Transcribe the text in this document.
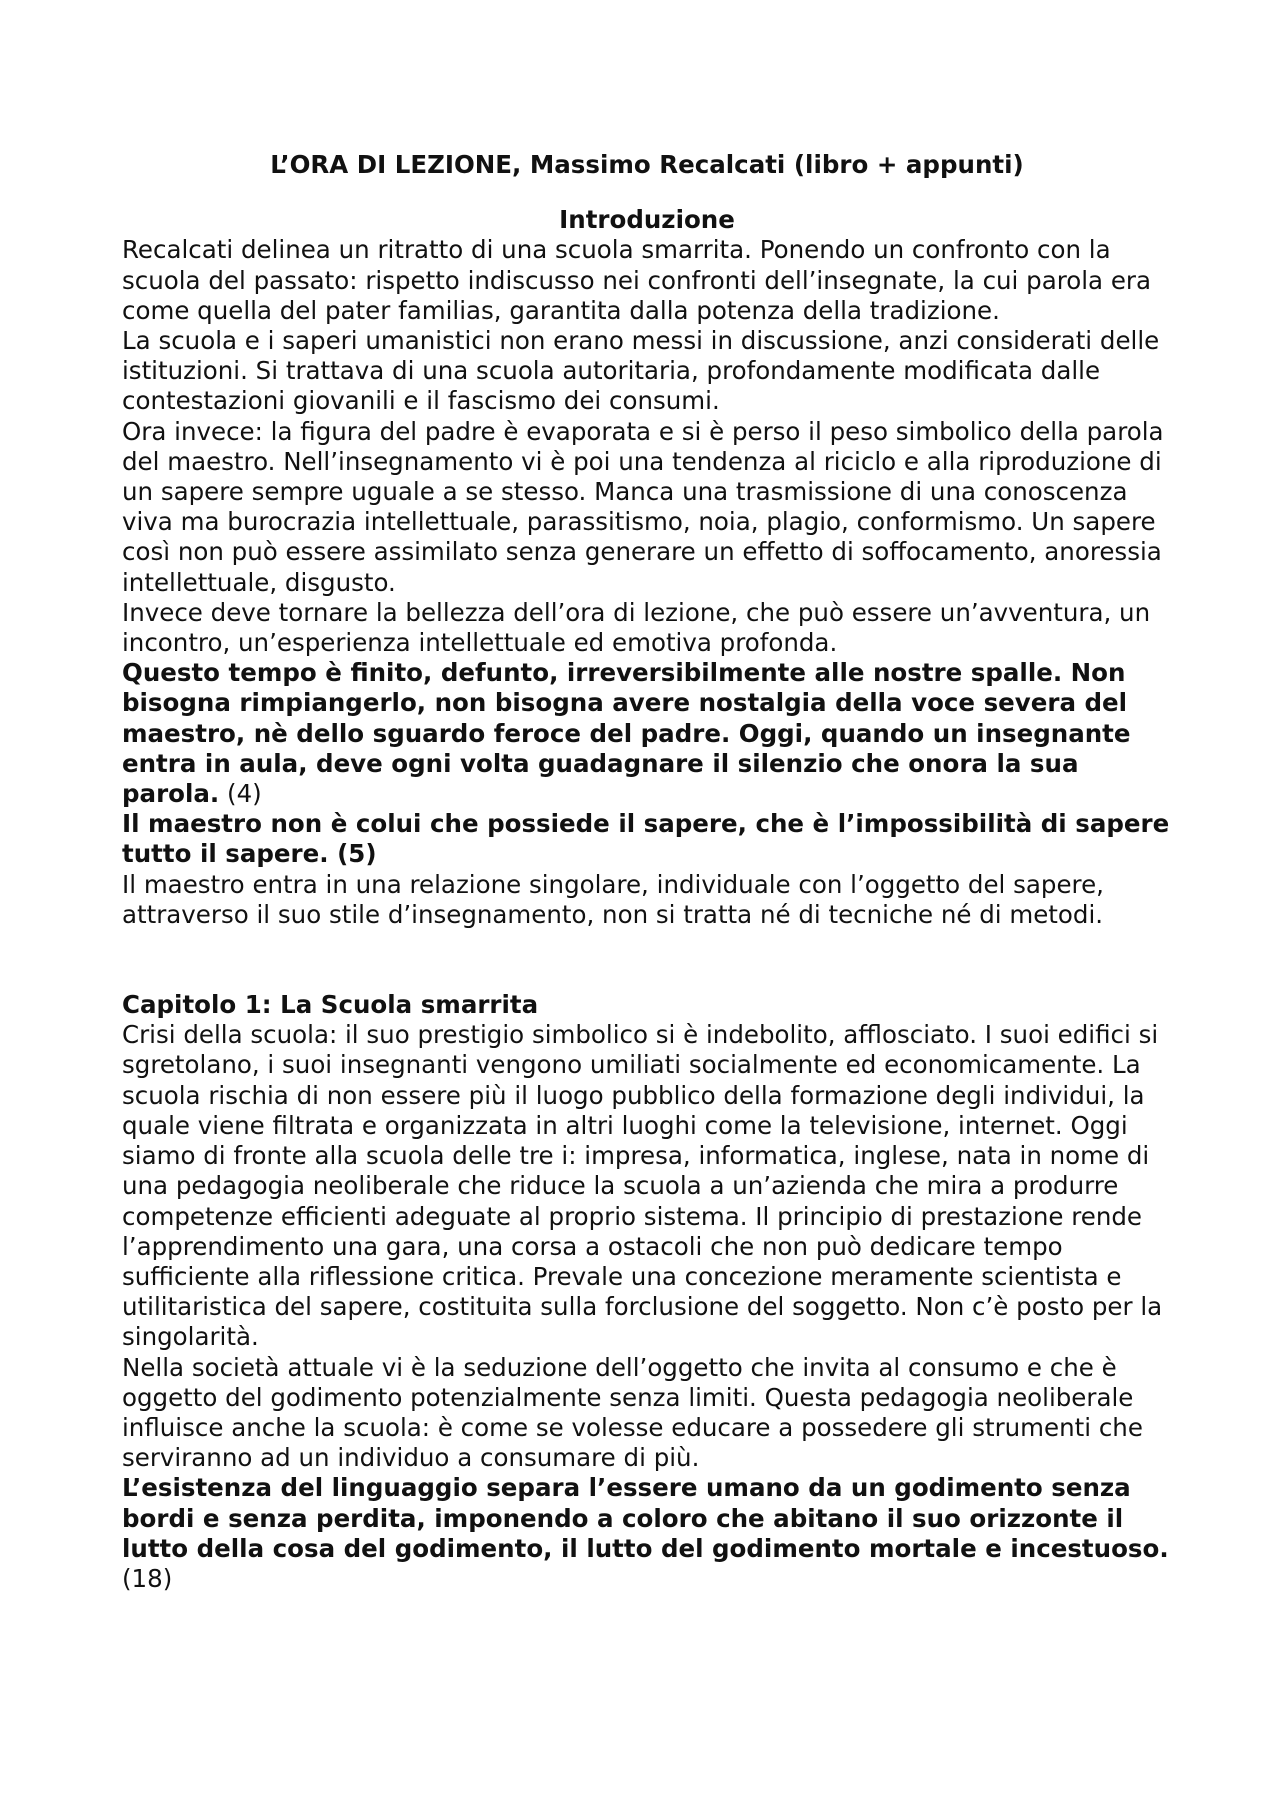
L’ORA DI LEZIONE, Massimo Recalcati (libro + appunti)
Introduzione

Recalcati delinea un ritratto di una scuola smarrita. Ponendo un confronto con la scuola del passato: rispetto indiscusso nei confronti dell’insegnate, la cui parola era come quella del pater familias, garantita dalla potenza della tradizione.

La scuola e i saperi umanistici non erano messi in discussione, anzi considerati delle istituzioni. Si trattava di una scuola autoritaria, profondamente modificata dalle contestazioni giovanili e il fascismo dei consumi.

Ora invece: la figura del padre è evaporata e si è perso il peso simbolico della parola del maestro. Nell’insegnamento vi è poi una tendenza al riciclo e alla riproduzione di un sapere sempre uguale a se stesso. Manca una trasmissione di una conoscenza viva ma burocrazia intellettuale, parassitismo, noia, plagio, conformismo. Un sapere così non può essere assimilato senza generare un effetto di soffocamento, anoressia intellettuale, disgusto.

Invece deve tornare la bellezza dell’ora di lezione, che può essere un’avventura, un incontro, un’esperienza intellettuale ed emotiva profonda.

Questo tempo è finito, defunto, irreversibilmente alle nostre spalle. Non bisogna rimpiangerlo, non bisogna avere nostalgia della voce severa del maestro, nè dello sguardo feroce del padre. Oggi, quando un insegnante entra in aula, deve ogni volta guadagnare il silenzio che onora la sua parola. (4)

Il maestro non è colui che possiede il sapere, che è l’impossibilità di sapere tutto il sapere. (5)

Il maestro entra in una relazione singolare, individuale con l’oggetto del sapere, attraverso il suo stile d’insegnamento, non si tratta né di tecniche né di metodi.

Capitolo 1: La Scuola smarrita

Crisi della scuola: il suo prestigio simbolico si è indebolito, afflosciato. I suoi edifici si sgretolano, i suoi insegnanti vengono umiliati socialmente ed economicamente. La scuola rischia di non essere più il luogo pubblico della formazione degli individui, la quale viene filtrata e organizzata in altri luoghi come la televisione, internet. Oggi siamo di fronte alla scuola delle tre i: impresa, informatica, inglese, nata in nome di una pedagogia neoliberale che riduce la scuola a un’azienda che mira a produrre competenze efficienti adeguate al proprio sistema. Il principio di prestazione rende l’apprendimento una gara, una corsa a ostacoli che non può dedicare tempo sufficiente alla riflessione critica. Prevale una concezione meramente scientista e utilitaristica del sapere, costituita sulla forclusione del soggetto. Non c’è posto per la singolarità.

Nella società attuale vi è la seduzione dell’oggetto che invita al consumo e che è oggetto del godimento potenzialmente senza limiti. Questa pedagogia neoliberale influisce anche la scuola: è come se volesse educare a possedere gli strumenti che serviranno ad un individuo a consumare di più.

L’esistenza del linguaggio separa l’essere umano da un godimento senza bordi e senza perdita, imponendo a coloro che abitano il suo orizzonte il lutto della cosa del godimento, il lutto del godimento mortale e incestuoso. (18)
